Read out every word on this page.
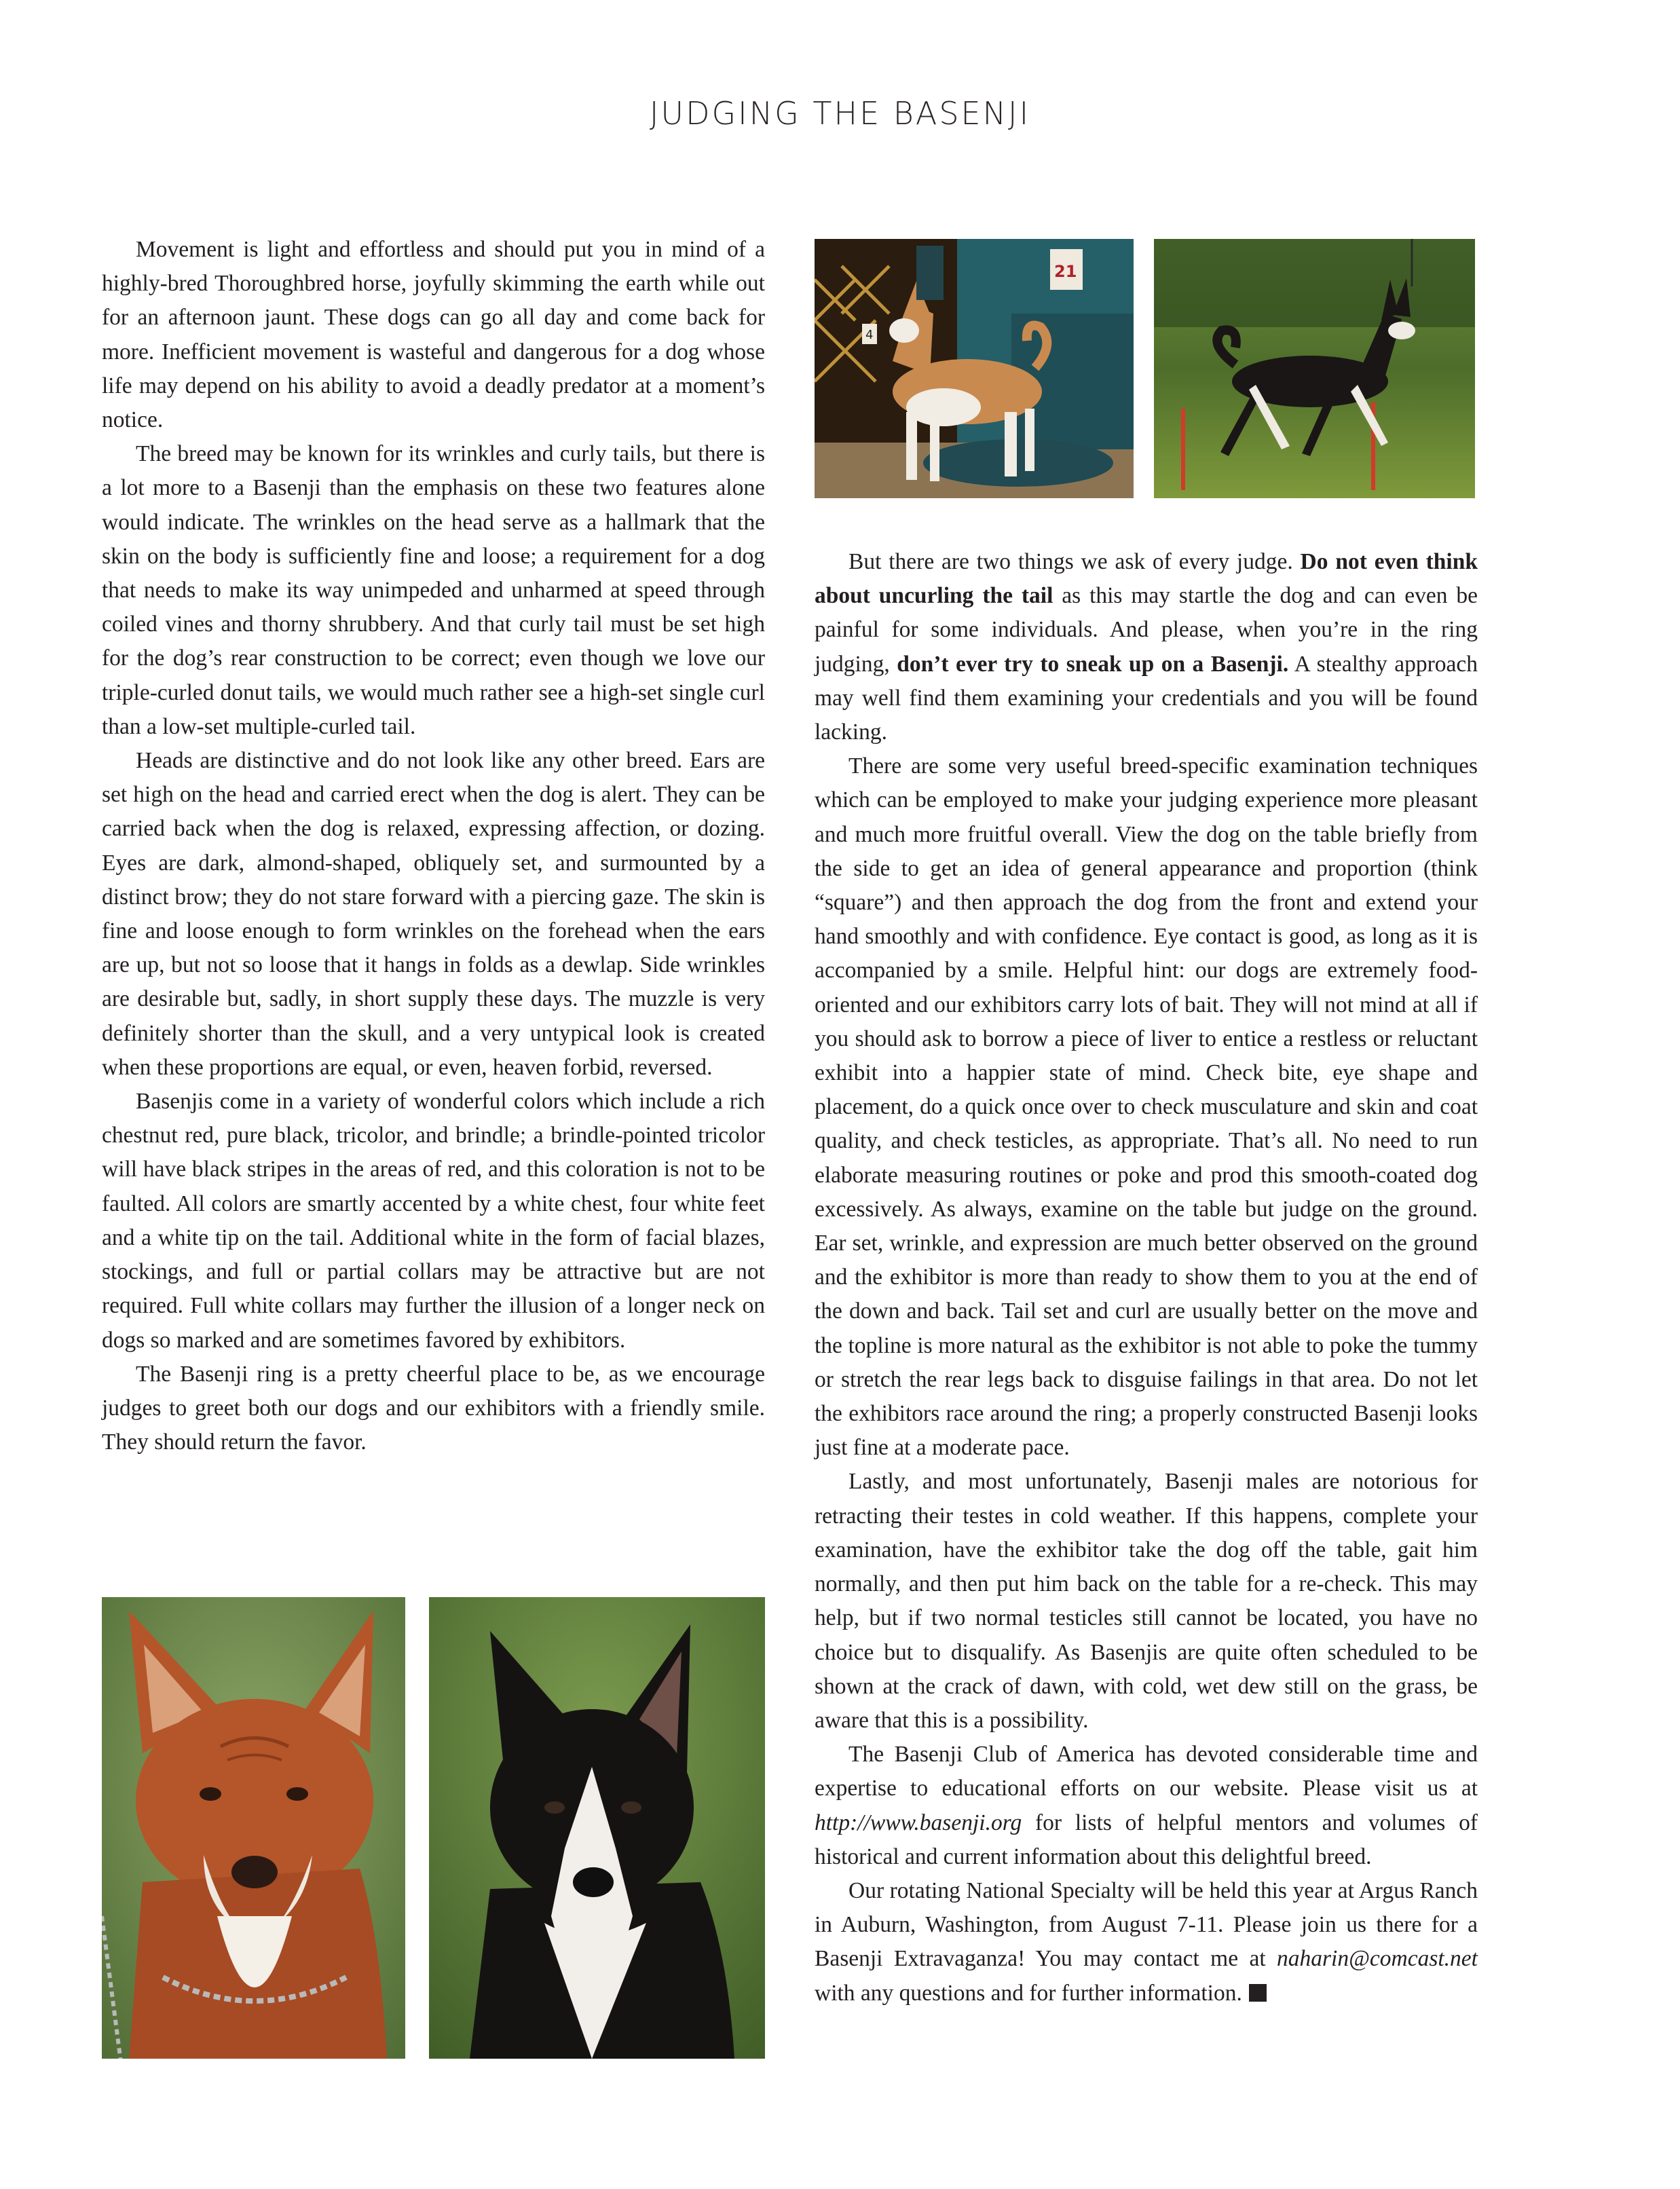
JUDGING THE BASENJI
21
4

Movement is light and effortless and should put you in mind of a highly-bred Thoroughbred horse, joyfully skimming the earth while out for an afternoon jaunt. These dogs can go all day and come back for more. Inefficient movement is wasteful and dangerous for a dog whose life may depend on his ability to avoid a deadly predator at a moment’s notice.

The breed may be known for its wrinkles and curly tails, but there is a lot more to a Basenji than the emphasis on these two features alone would indicate. The wrinkles on the head serve as a hallmark that the skin on the body is sufficiently fine and loose; a requirement for a dog that needs to make its way unimpeded and unharmed at speed through coiled vines and thorny shrubbery. And that curly tail must be set high for the dog’s rear construction to be correct; even though we love our triple-curled donut tails, we would much rather see a high-set single curl than a low-set multiple-curled tail.

Heads are distinctive and do not look like any other breed. Ears are set high on the head and carried erect when the dog is alert. They can be carried back when the dog is relaxed, expressing affection, or dozing. Eyes are dark, almond-shaped, obliquely set, and surmounted by a distinct brow; they do not stare forward with a piercing gaze. The skin is fine and loose enough to form wrinkles on the forehead when the ears are up, but not so loose that it hangs in folds as a dewlap. Side wrinkles are desirable but, sadly, in short supply these days. The muzzle is very definitely shorter than the skull, and a very untypical look is created when these proportions are equal, or even, heaven forbid, reversed.

Basenjis come in a variety of wonderful colors which include a rich chestnut red, pure black, tricolor, and brindle; a brindle-pointed tricolor will have black stripes in the areas of red, and this coloration is not to be faulted. All colors are smartly accented by a white chest, four white feet and a white tip on the tail. Additional white in the form of facial blazes, stockings, and full or partial collars may be attractive but are not required. Full white collars may further the illusion of a longer neck on dogs so marked and are sometimes favored by exhibitors.

The Basenji ring is a pretty cheerful place to be, as we encourage judges to greet both our dogs and our exhibitors with a friendly smile. They should return the favor.

But there are two things we ask of every judge. Do not even think about uncurling the tail as this may startle the dog and can even be painful for some individuals. And please, when you’re in the ring judging, don’t ever try to sneak up on a Basenji. A stealthy approach may well find them examining your credentials and you will be found lacking.

There are some very useful breed-specific examination techniques which can be employed to make your judging experience more pleasant and much more fruitful overall. View the dog on the table briefly from the side to get an idea of general appearance and proportion (think “square”) and then approach the dog from the front and extend your hand smoothly and with confidence. Eye contact is good, as long as it is accompanied by a smile. Helpful hint: our dogs are extremely food-oriented and our exhibitors carry lots of bait. They will not mind at all if you should ask to borrow a piece of liver to entice a restless or reluctant exhibit into a happier state of mind. Check bite, eye shape and placement, do a quick once over to check musculature and skin and coat quality, and check testicles, as appropriate. That’s all. No need to run elaborate measuring routines or poke and prod this smooth-coated dog excessively. As always, examine on the table but judge on the ground. Ear set, wrinkle, and expression are much better observed on the ground and the exhibitor is more than ready to show them to you at the end of the down and back. Tail set and curl are usually better on the move and the topline is more natural as the exhibitor is not able to poke the tummy or stretch the rear legs back to disguise failings in that area. Do not let the exhibitors race around the ring; a properly constructed Basenji looks just fine at a moderate pace.

Lastly, and most unfortunately, Basenji males are notorious for retracting their testes in cold weather. If this happens, complete your examination, have the exhibitor take the dog off the table, gait him normally, and then put him back on the table for a re-check. This may help, but if two normal testicles still cannot be located, you have no choice but to disqualify. As Basenjis are quite often scheduled to be shown at the crack of dawn, with cold, wet dew still on the grass, be aware that this is a possibility.

The Basenji Club of America has devoted considerable time and expertise to educational efforts on our website. Please visit us at http://www.basenji.org for lists of helpful mentors and volumes of historical and current information about this delightful breed.

Our rotating National Specialty will be held this year at Argus Ranch in Auburn, Washington, from August 7-11. Please join us there for a Basenji Extravaganza! You may contact me at naharin@comcast.net with any questions and for further information.
